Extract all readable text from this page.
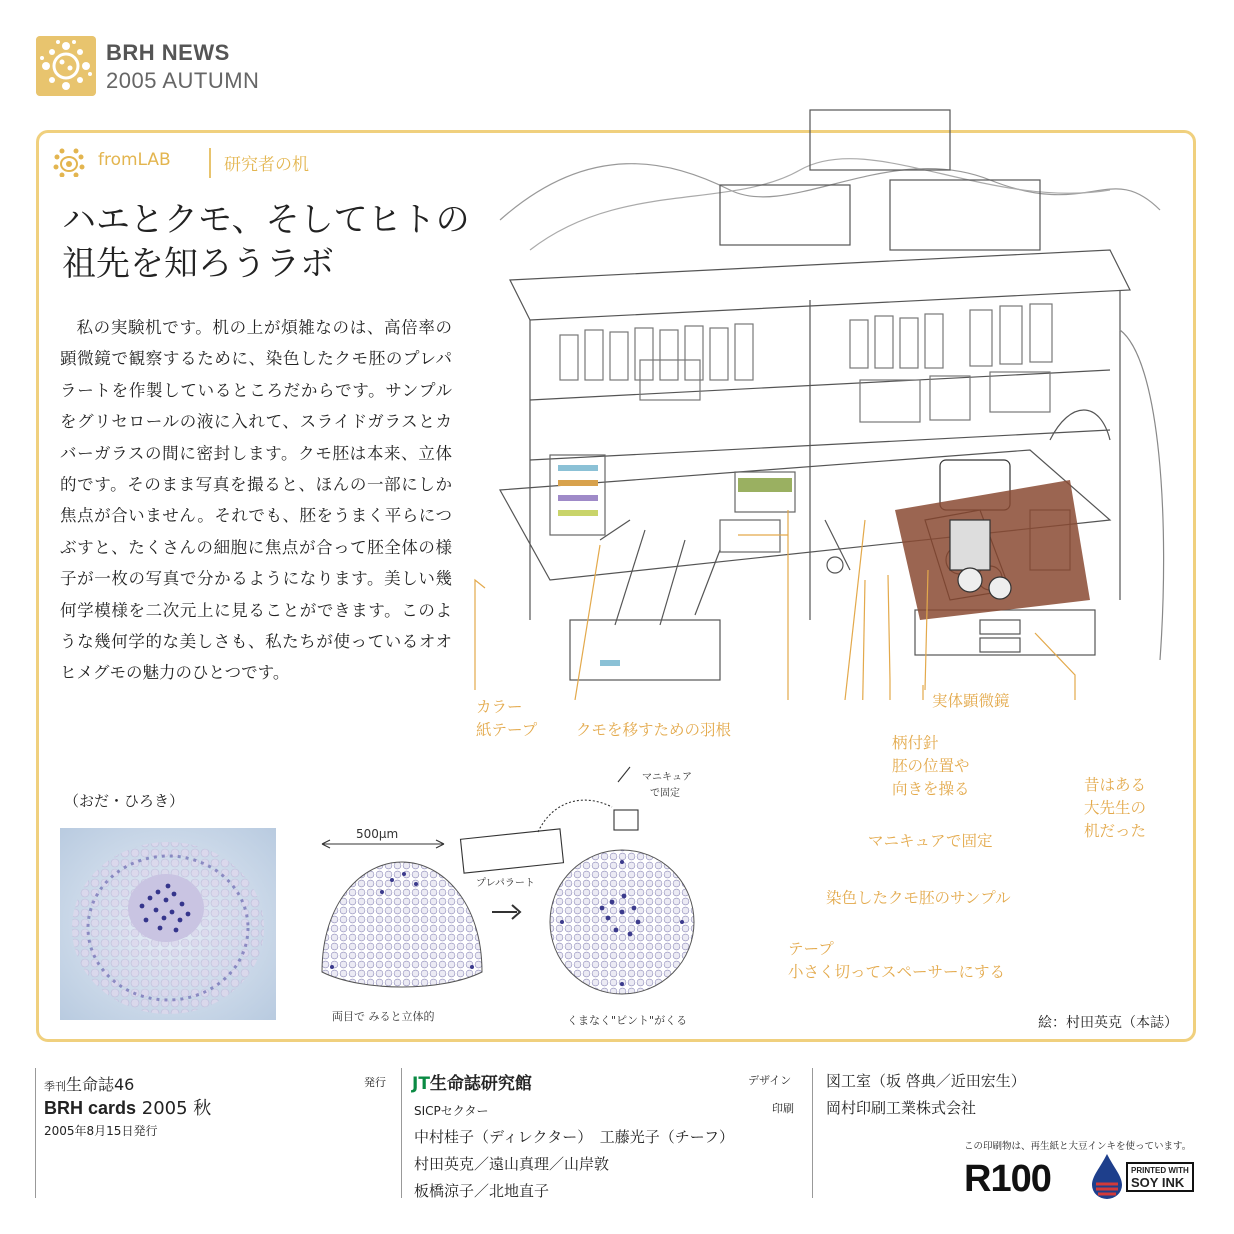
BRH NEWS
2005 AUTUMN
fromLAB	研究者の机
ハエとクモ、そしてヒトの
祖先を知ろうラボ

私の実験机です。机の上が煩雑なのは、高倍率の顕微鏡で観察するために、染色したクモ胚のプレパラートを作製しているところだからです。サンプルをグリセロールの液に入れて、スライドガラスとカバーガラスの間に密封します。クモ胚は本来、立体的です。そのまま写真を撮ると、ほんの一部にしか焦点が合いません。それでも、胚をうまく平らにつぶすと、たくさんの細胞に焦点が合って胚全体の様子が一枚の写真で分かるようになります。美しい幾何学模様を二次元上に見ることができます。このような幾何学的な美しさも、私たちが使っているオオヒメグモの魅力のひとつです。

（おだ・ひろき）
カラー
紙テープ	クモを移すための羽根
実体顕微鏡
柄付針
胚の位置や
向きを操る	昔はある
大先生の
机だった
マニキュアで固定
染色したクモ胚のサンプル
テープ
小さく切ってスペーサーにする
500μm
マニキュア
で固定
プレパラート
両目で みると立体的	くまなく"ピント"がくる	絵：村田英克（本誌）
季刊生命誌46
BRH cards 2005 秋
2005年8月15日発行
発行 JT生命誌研究館
SICPセクター
中村桂子（ディレクター）　工藤光子（チーフ）
村田英克／遠山真理／山岸敦
板橋涼子／北地直子
デザイン
印刷
図工室（坂 啓典／近田宏生）
岡村印刷工業株式会社
この印刷物は、再生紙と大豆インキを使っています。
R100	PRINTED WITH
SOY INK
